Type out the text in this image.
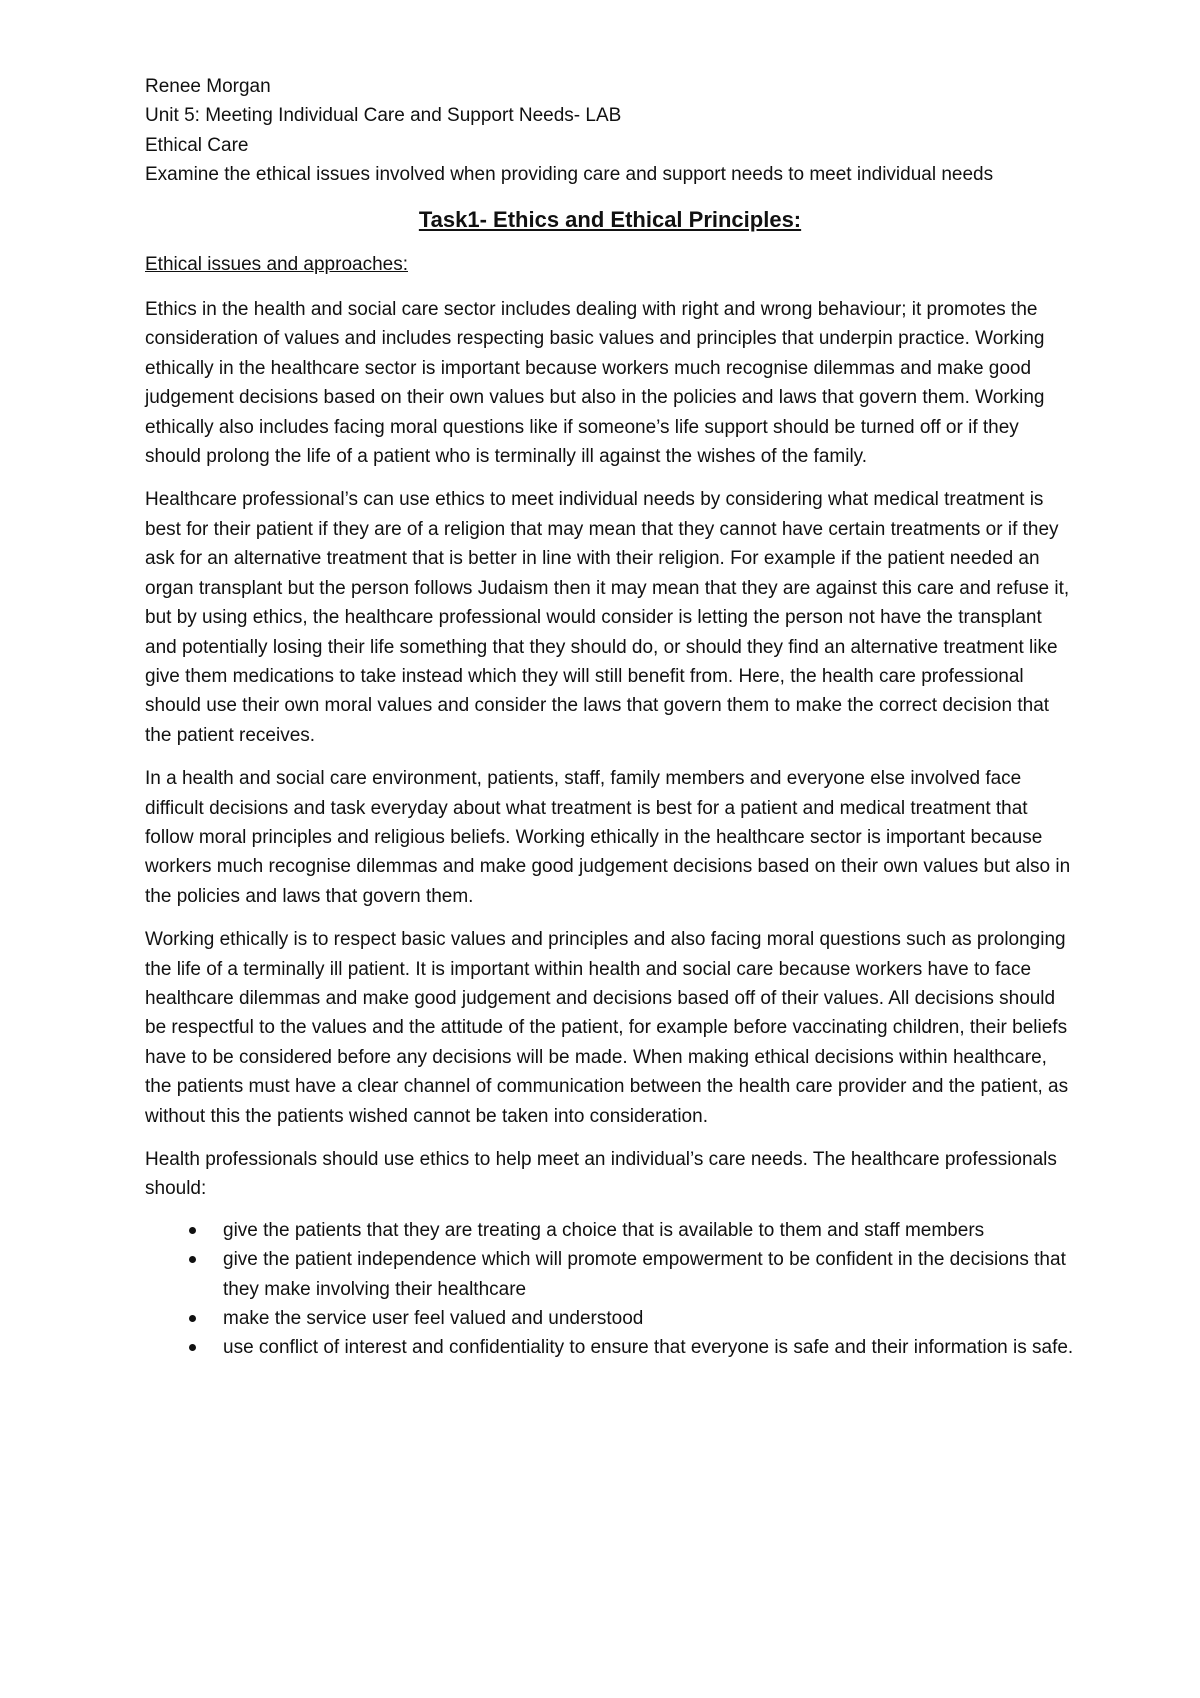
Renee Morgan

Unit 5: Meeting Individual Care and Support Needs- LAB

Ethical Care

Examine the ethical issues involved when providing care and support needs to meet individual needs

Task1- Ethics and Ethical Principles:

Ethical issues and approaches:

Ethics in the health and social care sector includes dealing with right and wrong behaviour; it promotes the consideration of values and includes respecting basic values and principles that underpin practice. Working ethically in the healthcare sector is important because workers much recognise dilemmas and make good judgement decisions based on their own values but also in the policies and laws that govern them. Working ethically also includes facing moral questions like if someone’s life support should be turned off or if they should prolong the life of a patient who is terminally ill against the wishes of the family.

Healthcare professional’s can use ethics to meet individual needs by considering what medical treatment is best for their patient if they are of a religion that may mean that they cannot have certain treatments or if they ask for an alternative treatment that is better in line with their religion. For example if the patient needed an organ transplant but the person follows Judaism then it may mean that they are against this care and refuse it, but by using ethics, the healthcare professional would consider is letting the person not have the transplant and potentially losing their life something that they should do, or should they find an alternative treatment like give them medications to take instead which they will still benefit from. Here, the health care professional should use their own moral values and consider the laws that govern them to make the correct decision that the patient receives.

In a health and social care environment, patients, staff, family members and everyone else involved face difficult decisions and task everyday about what treatment is best for a patient and medical treatment that follow moral principles and religious beliefs. Working ethically in the healthcare sector is important because workers much recognise dilemmas and make good judgement decisions based on their own values but also in the policies and laws that govern them.

Working ethically is to respect basic values and principles and also facing moral questions such as prolonging the life of a terminally ill patient. It is important within health and social care because workers have to face healthcare dilemmas and make good judgement and decisions based off of their values. All decisions should be respectful to the values and the attitude of the patient, for example before vaccinating children, their beliefs have to be considered before any decisions will be made. When making ethical decisions within healthcare, the patients must have a clear channel of communication between the health care provider and the patient, as without this the patients wished cannot be taken into consideration.

Health professionals should use ethics to help meet an individual’s care needs. The healthcare professionals should:

give the patients that they are treating a choice that is available to them and staff members
give the patient independence which will promote empowerment to be confident in the decisions that they make involving their healthcare
make the service user feel valued and understood
use conflict of interest and confidentiality to ensure that everyone is safe and their information is safe.
